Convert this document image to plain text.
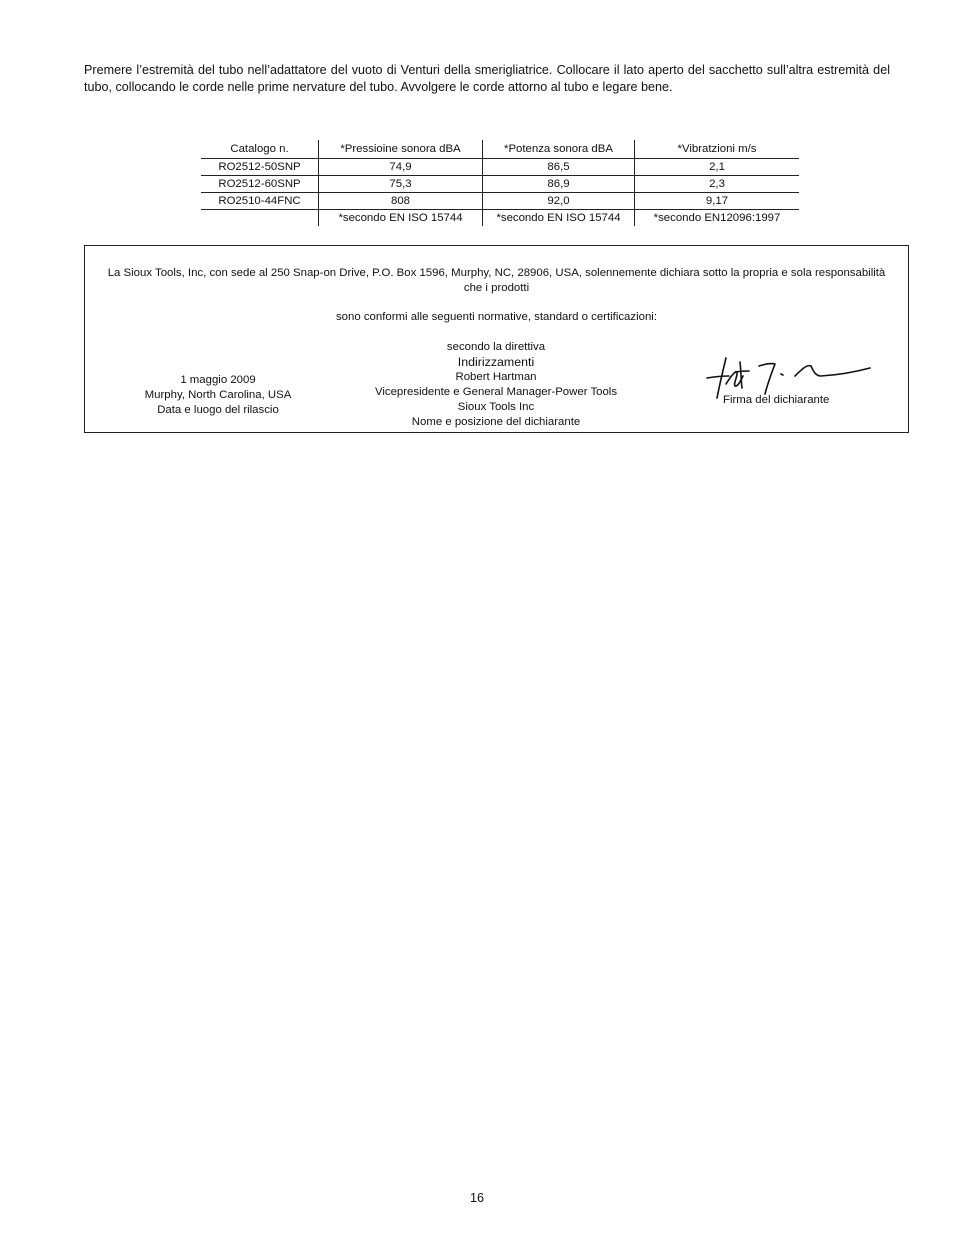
Premere l’estremità del tubo nell’adattatore del vuoto di Venturi della smerigliatrice. Collocare il lato aperto del sacchetto sull’altra estremità del tubo, collocando le corde nelle prime nervature del tubo. Avvolgere le corde attorno al tubo e legare bene.

Catalogo n.	*Pressioine sonora dBA	*Potenza sonora dBA	*Vibratzioni m/s
RO2512-50SNP	74,9	86,5	2,1
RO2512-60SNP	75,3	86,9	2,3
RO2510-44FNC	808	92,0	9,17
	*secondo EN ISO 15744	*secondo EN ISO 15744	*secondo EN12096:1997
La Sioux Tools, Inc, con sede al 250 Snap-on Drive, P.O. Box 1596, Murphy, NC, 28906, USA, solennemente dichiara sotto la propria e sola responsabilità che i prodotti
sono conformi alle seguenti normative, standard o certificazioni:
secondo la direttiva
Indirizzamenti
Robert Hartman
Vicepresidente e General Manager-Power Tools
Sioux Tools Inc
Nome e posizione del dichiarante
1 maggio 2009
Murphy, North Carolina, USA
Data e luogo del rilascio
Firma del dichiarante
16
